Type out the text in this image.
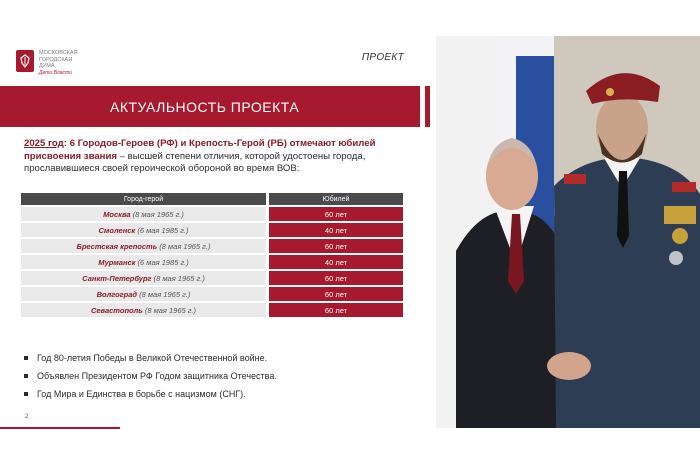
МОСКОВСКАЯ
ГОРОДСКАЯ
ДУМА
Дети Власти
ПРОЕКТ
АКТУАЛЬНОСТЬ ПРОЕКТА
2025 год: 6 Городов-Героев (РФ) и Крепость-Герой (РБ) отмечают юбилей присвоения звания – высшей степени отличия, которой удостоены города, прославившиеся своей героической обороной во время ВОВ:
Город-герой	Юбилей
Москва (8 мая 1965 г.)	60 лет
Смоленск (6 мая 1985 г.)	40 лет
Брестская крепость (8 мая 1965 г.)	60 лет
Мурманск (6 мая 1985 г.)	40 лет
Санкт-Петербург (8 мая 1965 г.)	60 лет
Волгоград (8 мая 1965 г.)	60 лет
Севастополь (8 мая 1965 г.)	60 лет
Год 80-летия Победы в Великой Отечественной войне.
Объявлен Президентом РФ Годом защитника Отечества.
Год Мира и Единства в борьбе с нацизмом (СНГ).
2
